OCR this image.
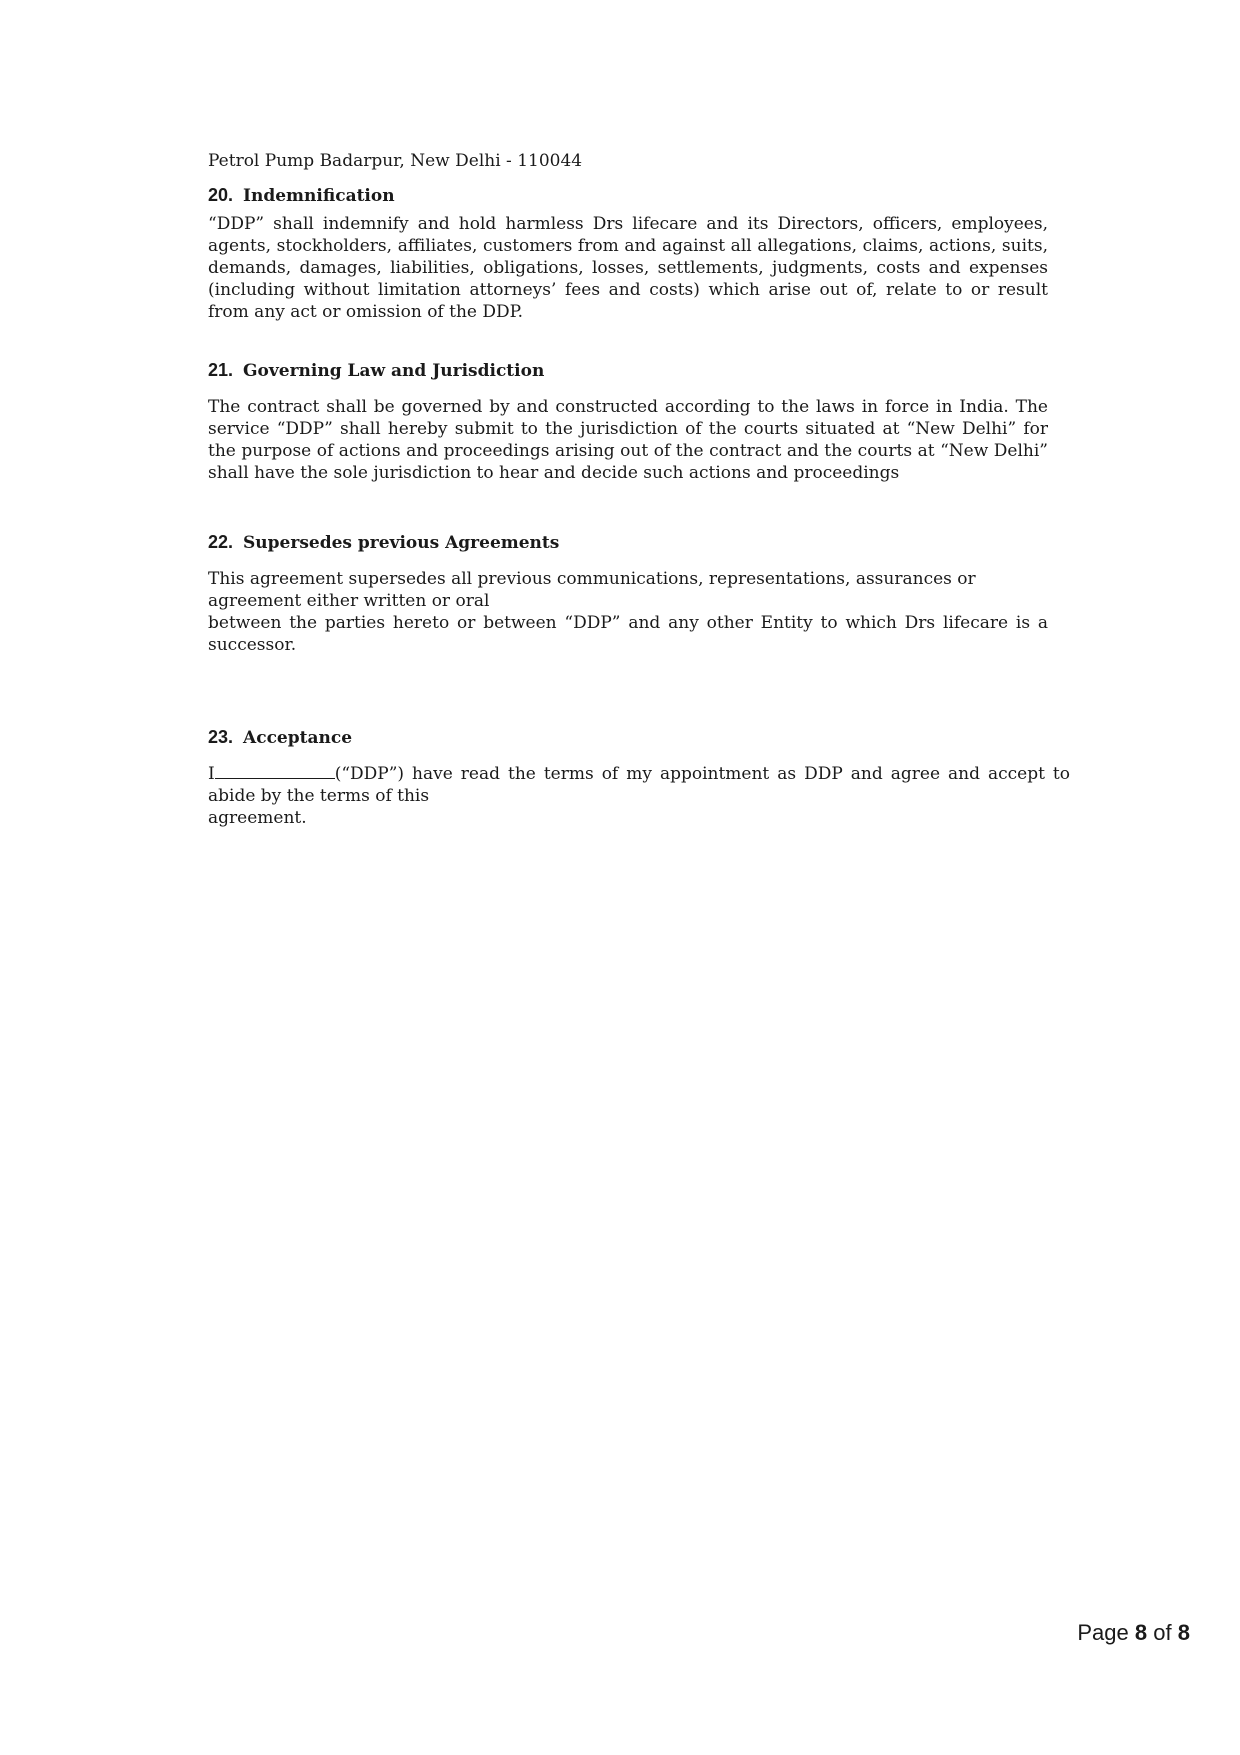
Petrol Pump Badarpur, New Delhi - 110044

20. Indemnification

“DDP” shall indemnify and hold harmless Drs lifecare and its Directors, officers, employees, agents, stockholders, affiliates, customers from and against all allegations, claims, actions, suits, demands, damages, liabilities, obligations, losses, settlements, judgments, costs and expenses (including without limitation attorneys’ fees and costs) which arise out of, relate to or result from any act or omission of the DDP.

21. Governing Law and Jurisdiction

The contract shall be governed by and constructed according to the laws in force in India. The service “DDP” shall hereby submit to the jurisdiction of the courts situated at “New Delhi” for the purpose of actions and proceedings arising out of the contract and the courts at “New Delhi” shall have the sole jurisdiction to hear and decide such actions and proceedings

22. Supersedes previous Agreements

This agreement supersedes all previous communications, representations, assurances or agreement either written or oral

between the parties hereto or between “DDP” and any other Entity to which Drs lifecare is a successor.

23. Acceptance

I	(“DDP”) have read the terms of my appointment as DDP and agree and accept to abide by the terms of this

agreement.

Page 8 of 8
